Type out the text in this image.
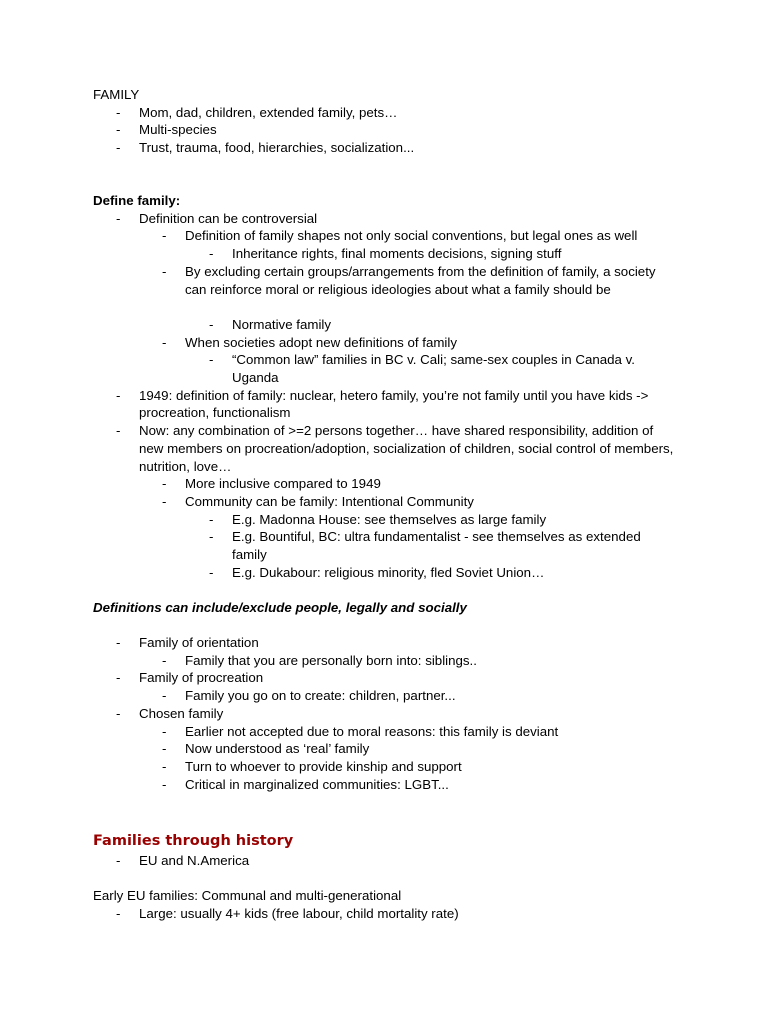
FAMILY
- Mom, dad, children, extended family, pets…
- Multi-species
- Trust, trauma, food, hierarchies, socialization...
Define family:
- Definition can be controversial
- Definition of family shapes not only social conventions, but legal ones as well
- Inheritance rights, final moments decisions, signing stuff
- By excluding certain groups/arrangements from the definition of family, a society can reinforce moral or religious ideologies about what a family should be
- Normative family
- When societies adopt new definitions of family
- “Common law” families in BC v. Cali; same-sex couples in Canada v. Uganda
- 1949: definition of family: nuclear, hetero family, you’re not family until you have kids -> procreation, functionalism
- Now: any combination of >=2 persons together… have shared responsibility, addition of new members on procreation/adoption, socialization of children, social control of members, nutrition, love…
- More inclusive compared to 1949
- Community can be family: Intentional Community
- E.g. Madonna House: see themselves as large family
- E.g. Bountiful, BC: ultra fundamentalist - see themselves as extended family
- E.g. Dukabour: religious minority, fled Soviet Union…
Definitions can include/exclude people, legally and socially
- Family of orientation
- Family that you are personally born into: siblings..
- Family of procreation
- Family you go on to create: children, partner...
- Chosen family
- Earlier not accepted due to moral reasons: this family is deviant
- Now understood as ‘real’ family
- Turn to whoever to provide kinship and support
- Critical in marginalized communities: LGBT...
Families through history
- EU and N.America
Early EU families: Communal and multi-generational
- Large: usually 4+ kids (free labour, child mortality rate)
